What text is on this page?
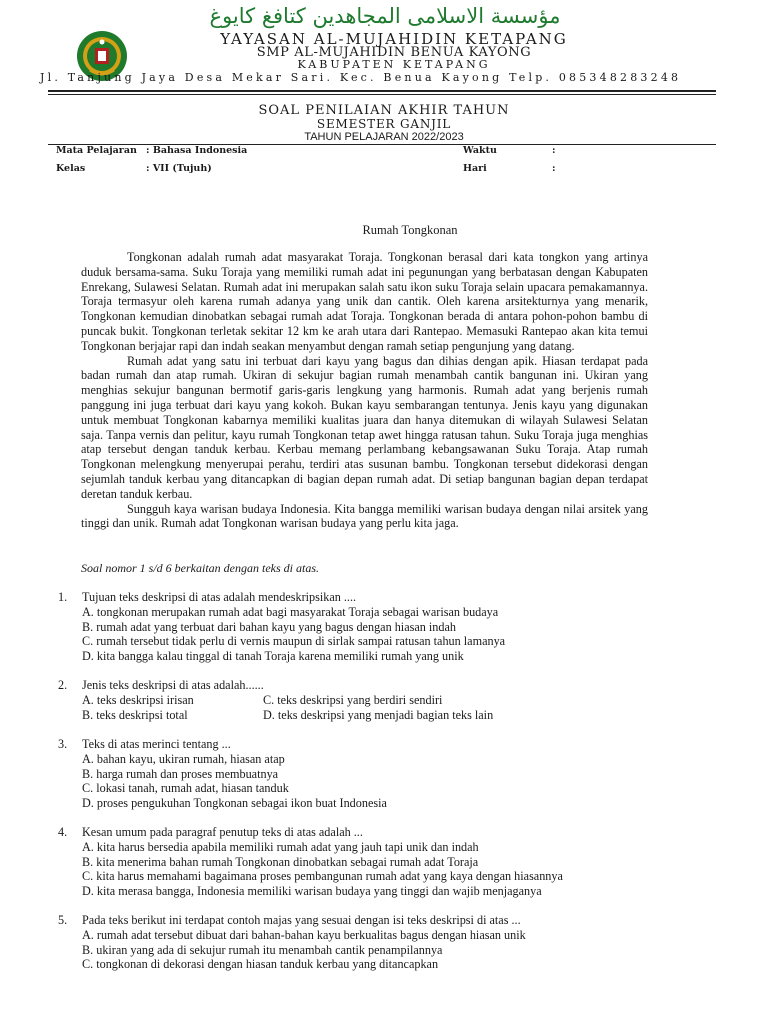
مؤسسة الاسلامى المجاهدين كتافغ كايوغ
YAYASAN AL-MUJAHIDIN KETAPANG
SMP AL-MUJAHIDIN BENUA KAYONG
KABUPATEN KETAPANG
Jl. Tanjung Jaya Desa Mekar Sari. Kec. Benua Kayong Telp. 085348283248
SOAL PENILAIAN AKHIR TAHUN
SEMESTER GANJIL
TAHUN PELAJARAN 2022/2023
Mata Pelajaran : Bahasa Indonesia
Kelas	: VII (Tujuh)
Waktu	:
Hari	:
Rumah Tongkonan

Tongkonan adalah rumah adat masyarakat Toraja. Tongkonan berasal dari kata tongkon yang artinya duduk bersama-sama. Suku Toraja yang memiliki rumah adat ini pegunungan yang berbatasan dengan Kabupaten Enrekang, Sulawesi Selatan. Rumah adat ini merupakan salah satu ikon suku Toraja selain upacara pemakamannya. Toraja termasyur oleh karena rumah adanya yang unik dan cantik. Oleh karena arsitekturnya yang menarik, Tongkonan kemudian dinobatkan sebagai rumah adat Toraja. Tongkonan berada di antara pohon-pohon bambu di puncak bukit. Tongkonan terletak sekitar 12 km ke arah utara dari Rantepao. Memasuki Rantepao akan kita temui Tongkonan berjajar rapi dan indah seakan menyambut dengan ramah setiap pengunjung yang datang.

Rumah adat yang satu ini terbuat dari kayu yang bagus dan dihias dengan apik. Hiasan terdapat pada badan rumah dan atap rumah. Ukiran di sekujur bagian rumah menambah cantik bangunan ini. Ukiran yang menghias sekujur bangunan bermotif garis-garis lengkung yang harmonis. Rumah adat yang berjenis rumah panggung ini juga terbuat dari kayu yang kokoh. Bukan kayu sembarangan tentunya. Jenis kayu yang digunakan untuk membuat Tongkonan kabarnya memiliki kualitas juara dan hanya ditemukan di wilayah Sulawesi Selatan saja. Tanpa vernis dan pelitur, kayu rumah Tongkonan tetap awet hingga ratusan tahun. Suku Toraja juga menghias atap tersebut dengan tanduk kerbau. Kerbau memang perlambang kebangsawanan Suku Toraja. Atap rumah Tongkonan melengkung menyerupai perahu, terdiri atas susunan bambu. Tongkonan tersebut didekorasi dengan sejumlah tanduk kerbau yang ditancapkan di bagian depan rumah adat. Di setiap bangunan bagian depan terdapat deretan tanduk kerbau.

Sungguh kaya warisan budaya Indonesia. Kita bangga memiliki warisan budaya dengan nilai arsitek yang tinggi dan unik. Rumah adat Tongkonan warisan budaya yang perlu kita jaga.

Soal nomor 1 s/d 6 berkaitan dengan teks di atas.
1. Tujuan teks deskripsi di atas adalah mendeskripsikan ....
A. tongkonan merupakan rumah adat bagi masyarakat Toraja sebagai warisan budaya
B. rumah adat yang terbuat dari bahan kayu yang bagus dengan hiasan indah
C. rumah tersebut tidak perlu di vernis maupun di sirlak sampai ratusan tahun lamanya
D. kita bangga kalau tinggal di tanah Toraja karena memiliki rumah yang unik
2. Jenis teks deskripsi di atas adalah......
A. teks deskripsi irisan	C. teks deskripsi yang berdiri sendiri
B. teks deskripsi total	D. teks deskripsi yang menjadi bagian teks lain
3. Teks di atas merinci tentang ...
A. bahan kayu, ukiran rumah, hiasan atap
B. harga rumah dan proses membuatnya
C. lokasi tanah, rumah adat, hiasan tanduk
D. proses pengukuhan Tongkonan sebagai ikon buat Indonesia
4. Kesan umum pada paragraf penutup teks di atas adalah ...
A. kita harus bersedia apabila memiliki rumah adat yang jauh tapi unik dan indah
B. kita menerima bahan rumah Tongkonan dinobatkan sebagai rumah adat Toraja
C. kita harus memahami bagaimana proses pembangunan rumah adat yang kaya dengan hiasannya
D. kita merasa bangga, Indonesia memiliki warisan budaya yang tinggi dan wajib menjaganya
5. Pada teks berikut ini terdapat contoh majas yang sesuai dengan isi teks deskripsi di atas ...
A. rumah adat tersebut dibuat dari bahan-bahan kayu berkualitas bagus dengan hiasan unik
B. ukiran yang ada di sekujur rumah itu menambah cantik penampilannya
C. tongkonan di dekorasi dengan hiasan tanduk kerbau yang ditancapkan
